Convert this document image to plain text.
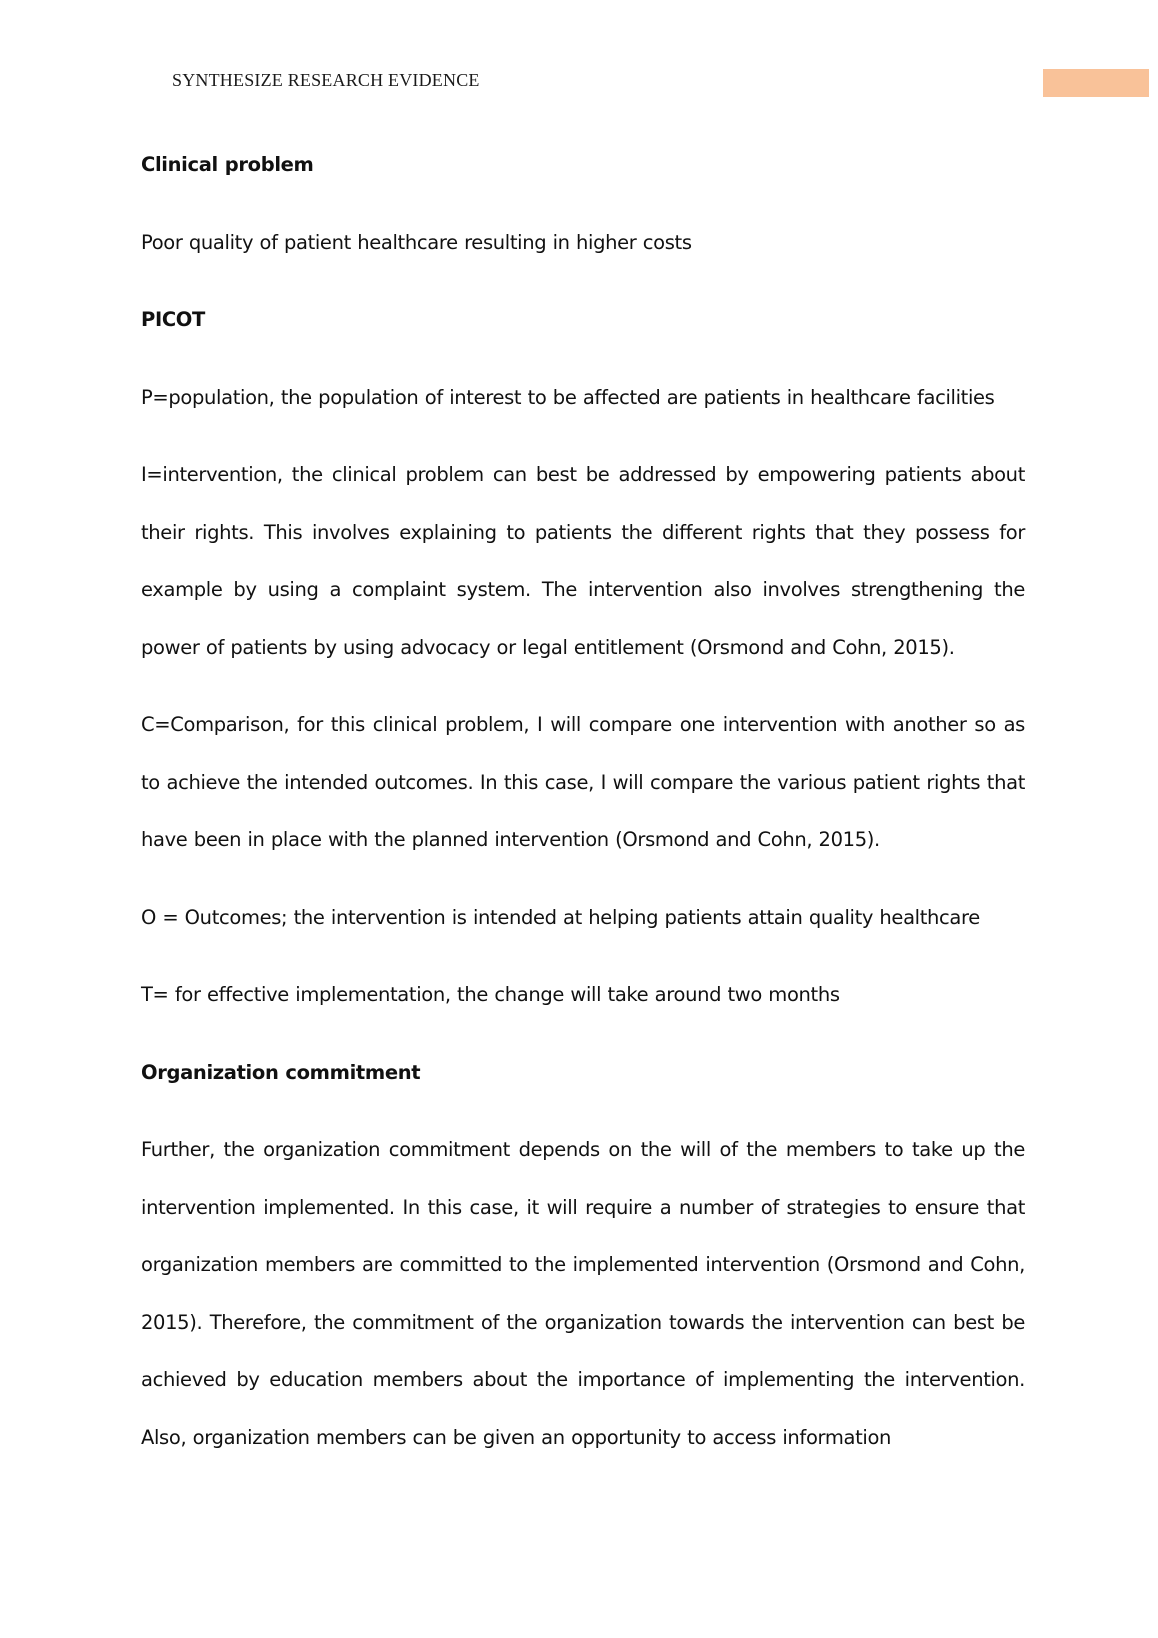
SYNTHESIZE RESEARCH EVIDENCE
Clinical problem
Poor quality of patient healthcare resulting in higher costs
PICOT
P=population, the population of interest to be affected are patients in healthcare facilities
I=intervention, the clinical problem can best be addressed by empowering patients about their rights. This involves explaining to patients the different rights that they possess for example by using a complaint system. The intervention also involves strengthening the power of patients by using advocacy or legal entitlement (Orsmond and Cohn, 2015).
C=Comparison, for this clinical problem, I will compare one intervention with another so as to achieve the intended outcomes. In this case, I will compare the various patient rights that have been in place with the planned intervention (Orsmond and Cohn, 2015).
O = Outcomes; the intervention is intended at helping patients attain quality healthcare
T= for effective implementation, the change will take around two months
Organization commitment
Further, the organization commitment depends on the will of the members to take up the intervention implemented. In this case, it will require a number of strategies to ensure that organization members are committed to the implemented intervention (Orsmond and Cohn, 2015). Therefore, the commitment of the organization towards the intervention can best be achieved by education members about the importance of implementing the intervention. Also, organization members can be given an opportunity to access information
